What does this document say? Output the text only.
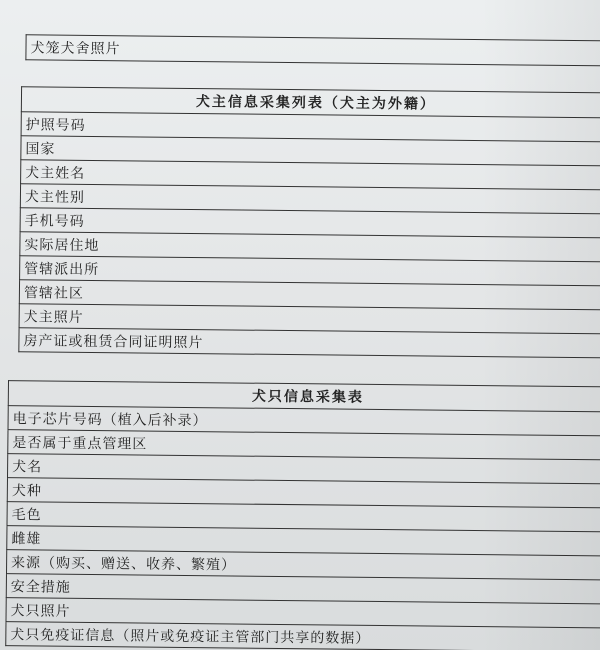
犬笼犬舍照片
犬主信息采集列表（犬主为外籍）
护照号码
国家
犬主姓名
犬主性别
手机号码
实际居住地
管辖派出所
管辖社区
犬主照片
房产证或租赁合同证明照片
犬只信息采集表
电子芯片号码（植入后补录）
是否属于重点管理区
犬名
犬种
毛色
雌雄
来源（购买、赠送、收养、繁殖）
安全措施
犬只照片
犬只免疫证信息（照片或免疫证主管部门共享的数据）
